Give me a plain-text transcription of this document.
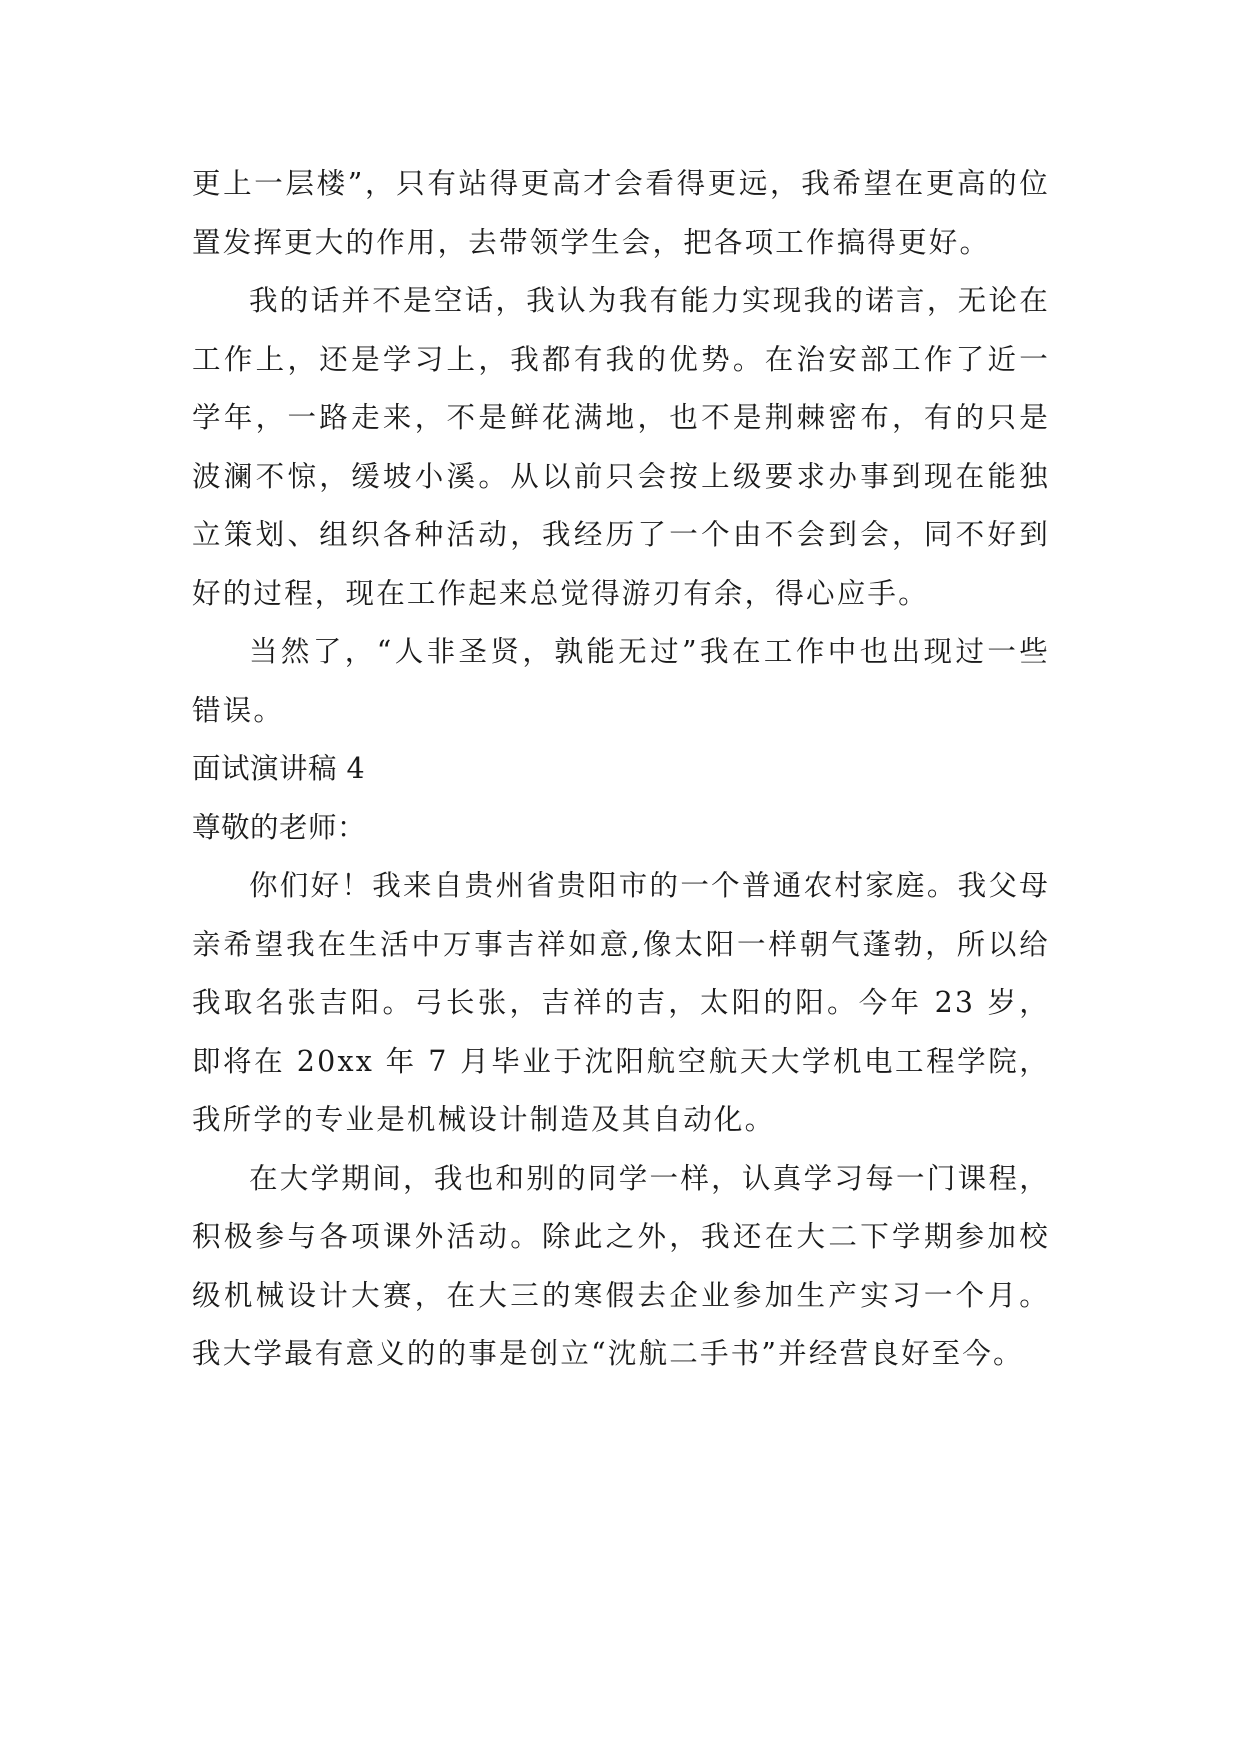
更上一层楼”，只有站得更高才会看得更远，我希望在更高的位置发挥更大的作用，去带领学生会，把各项工作搞得更好。

我的话并不是空话，我认为我有能力实现我的诺言，无论在工作上，还是学习上，我都有我的优势。在治安部工作了近一学年，一路走来，不是鲜花满地，也不是荆棘密布，有的只是波澜不惊，缓坡小溪。从以前只会按上级要求办事到现在能独立策划、组织各种活动，我经历了一个由不会到会，同不好到好的过程，现在工作起来总觉得游刃有余，得心应手。

当然了，“人非圣贤，孰能无过”我在工作中也出现过一些错误。

面试演讲稿 4

尊敬的老师：

你们好！我来自贵州省贵阳市的一个普通农村家庭。我父母亲希望我在生活中万事吉祥如意,像太阳一样朝气蓬勃，所以给我取名张吉阳。弓长张，吉祥的吉，太阳的阳。今年 23 岁，即将在 20xx 年 7 月毕业于沈阳航空航天大学机电工程学院，我所学的专业是机械设计制造及其自动化。

在大学期间，我也和别的同学一样，认真学习每一门课程，积极参与各项课外活动。除此之外，我还在大二下学期参加校级机械设计大赛，在大三的寒假去企业参加生产实习一个月。我大学最有意义的的事是创立“沈航二手书”并经营良好至今。
